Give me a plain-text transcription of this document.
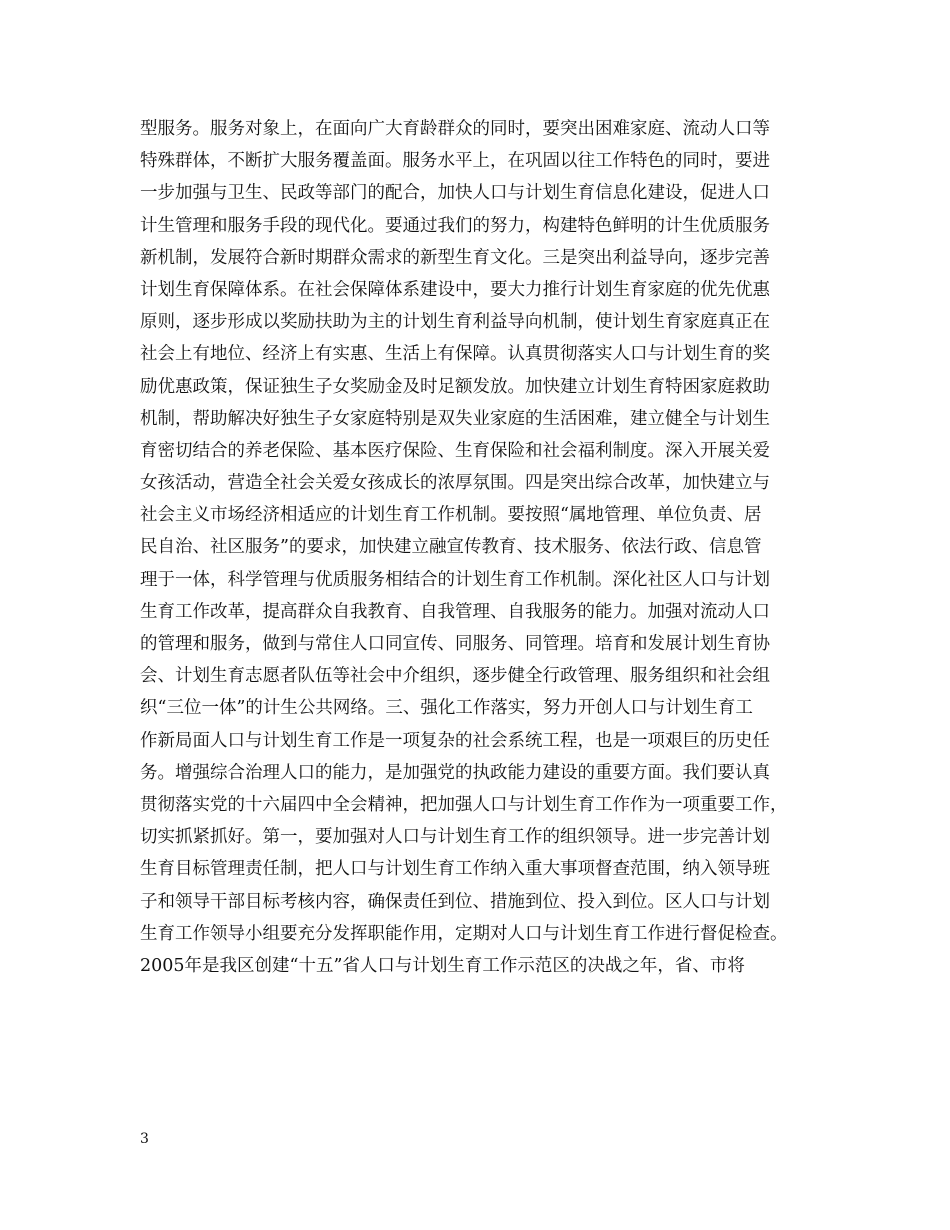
型服务。服务对象上，在面向广大育龄群众的同时，要突出困难家庭、流动人口等
特殊群体，不断扩大服务覆盖面。服务水平上，在巩固以往工作特色的同时，要进
一步加强与卫生、民政等部门的配合，加快人口与计划生育信息化建设，促进人口
计生管理和服务手段的现代化。要通过我们的努力，构建特色鲜明的计生优质服务
新机制，发展符合新时期群众需求的新型生育文化。三是突出利益导向，逐步完善
计划生育保障体系。在社会保障体系建设中，要大力推行计划生育家庭的优先优惠
原则，逐步形成以奖励扶助为主的计划生育利益导向机制，使计划生育家庭真正在
社会上有地位、经济上有实惠、生活上有保障。认真贯彻落实人口与计划生育的奖
励优惠政策，保证独生子女奖励金及时足额发放。加快建立计划生育特困家庭救助
机制，帮助解决好独生子女家庭特别是双失业家庭的生活困难，建立健全与计划生
育密切结合的养老保险、基本医疗保险、生育保险和社会福利制度。深入开展关爱
女孩活动，营造全社会关爱女孩成长的浓厚氛围。四是突出综合改革，加快建立与
社会主义市场经济相适应的计划生育工作机制。要按照“属地管理、单位负责、居
民自治、社区服务”的要求，加快建立融宣传教育、技术服务、依法行政、信息管
理于一体，科学管理与优质服务相结合的计划生育工作机制。深化社区人口与计划
生育工作改革，提高群众自我教育、自我管理、自我服务的能力。加强对流动人口
的管理和服务，做到与常住人口同宣传、同服务、同管理。培育和发展计划生育协
会、计划生育志愿者队伍等社会中介组织，逐步健全行政管理、服务组织和社会组
织“三位一体”的计生公共网络。三、强化工作落实，努力开创人口与计划生育工
作新局面人口与计划生育工作是一项复杂的社会系统工程，也是一项艰巨的历史任
务。增强综合治理人口的能力，是加强党的执政能力建设的重要方面。我们要认真
贯彻落实党的十六届四中全会精神，把加强人口与计划生育工作作为一项重要工作，
切实抓紧抓好。第一，要加强对人口与计划生育工作的组织领导。进一步完善计划
生育目标管理责任制，把人口与计划生育工作纳入重大事项督查范围，纳入领导班
子和领导干部目标考核内容，确保责任到位、措施到位、投入到位。区人口与计划
生育工作领导小组要充分发挥职能作用，定期对人口与计划生育工作进行督促检查。
2005年是我区创建“十五”省人口与计划生育工作示范区的决战之年，省、市将
3
